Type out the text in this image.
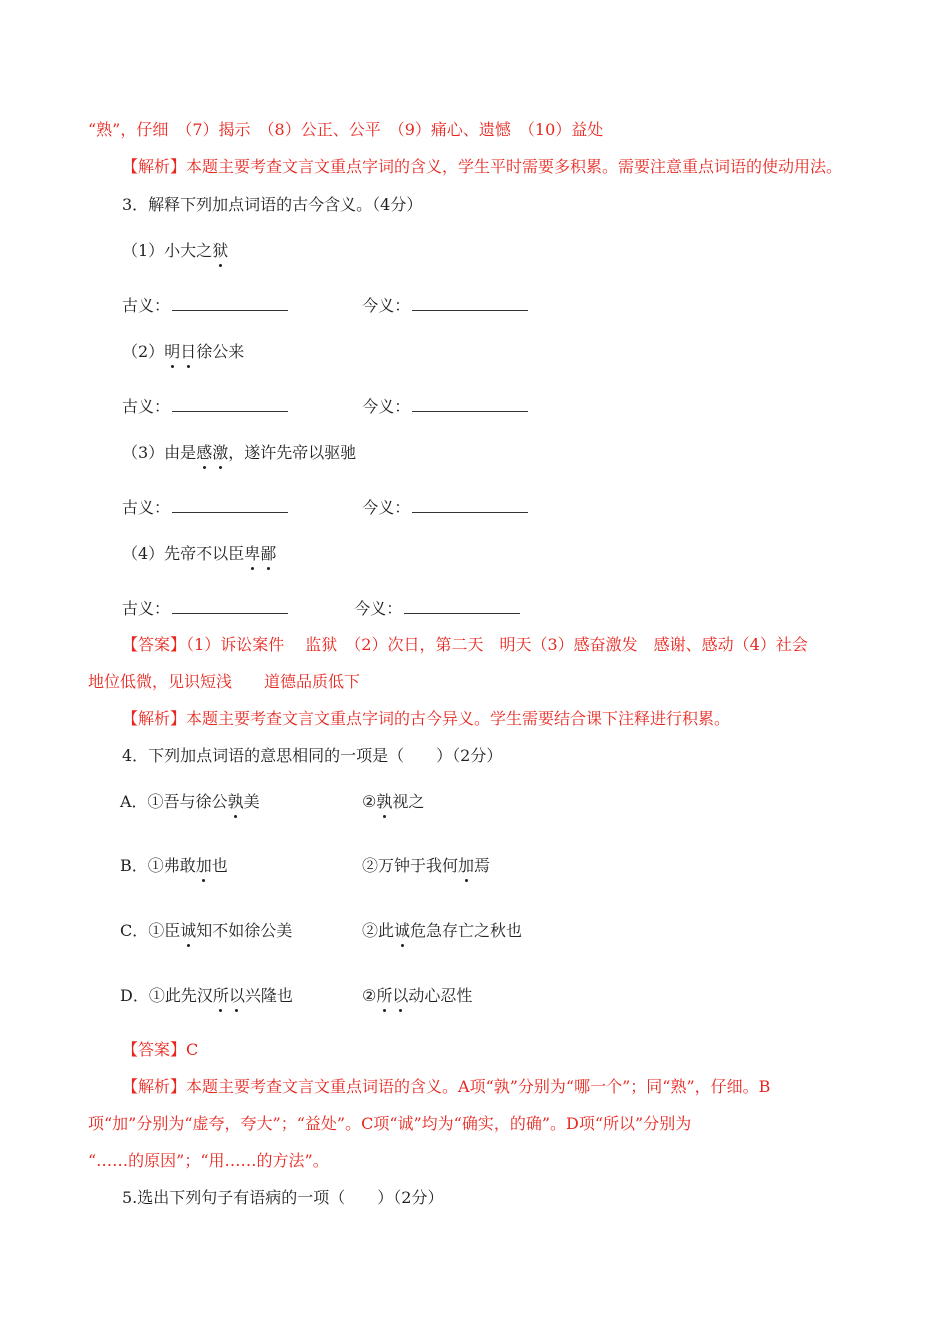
“熟”，仔细　（7）揭示　（8）公正、公平　（9）痛心、遗憾　（10）益处
【解析】本题主要考查文言文重点字词的含义，学生平时需要多积累。需要注意重点词语的使动用法。
3．解释下列加点词语的古今含义。（4分）
（1）小大之狱
古义：	今义：
（2）明日徐公来
古义：	今义：
（3）由是感激，遂许先帝以驱驰
古义：	今义：
（4）先帝不以臣卑鄙
古义：	今义：
【答案】（1）诉讼案件　 监狱　（2）次日，第二天　明天（3）感奋激发　感谢、感动（4）社会
地位低微，见识短浅　　道德品质低下
【解析】本题主要考查文言文重点字词的古今异义。学生需要结合课下注释进行积累。
4．下列加点词语的意思相同的一项是（　　）（2分）
A．①吾与徐公孰美	②孰视之
B．①弗敢加也	②万钟于我何加焉
C．①臣诚知不如徐公美	②此诚危急存亡之秋也
D．①此先汉所以兴隆也	②所以动心忍性
【答案】C
【解析】本题主要考查文言文重点词语的含义。A项“孰”分别为“哪一个”；同“熟”，仔细。B
项“加”分别为“虚夸，夸大”；“益处”。C项“诚”均为“确实，的确”。D项“所以”分别为
“……的原因”；“用……的方法”。
5.选出下列句子有语病的一项（　　）（2分）
